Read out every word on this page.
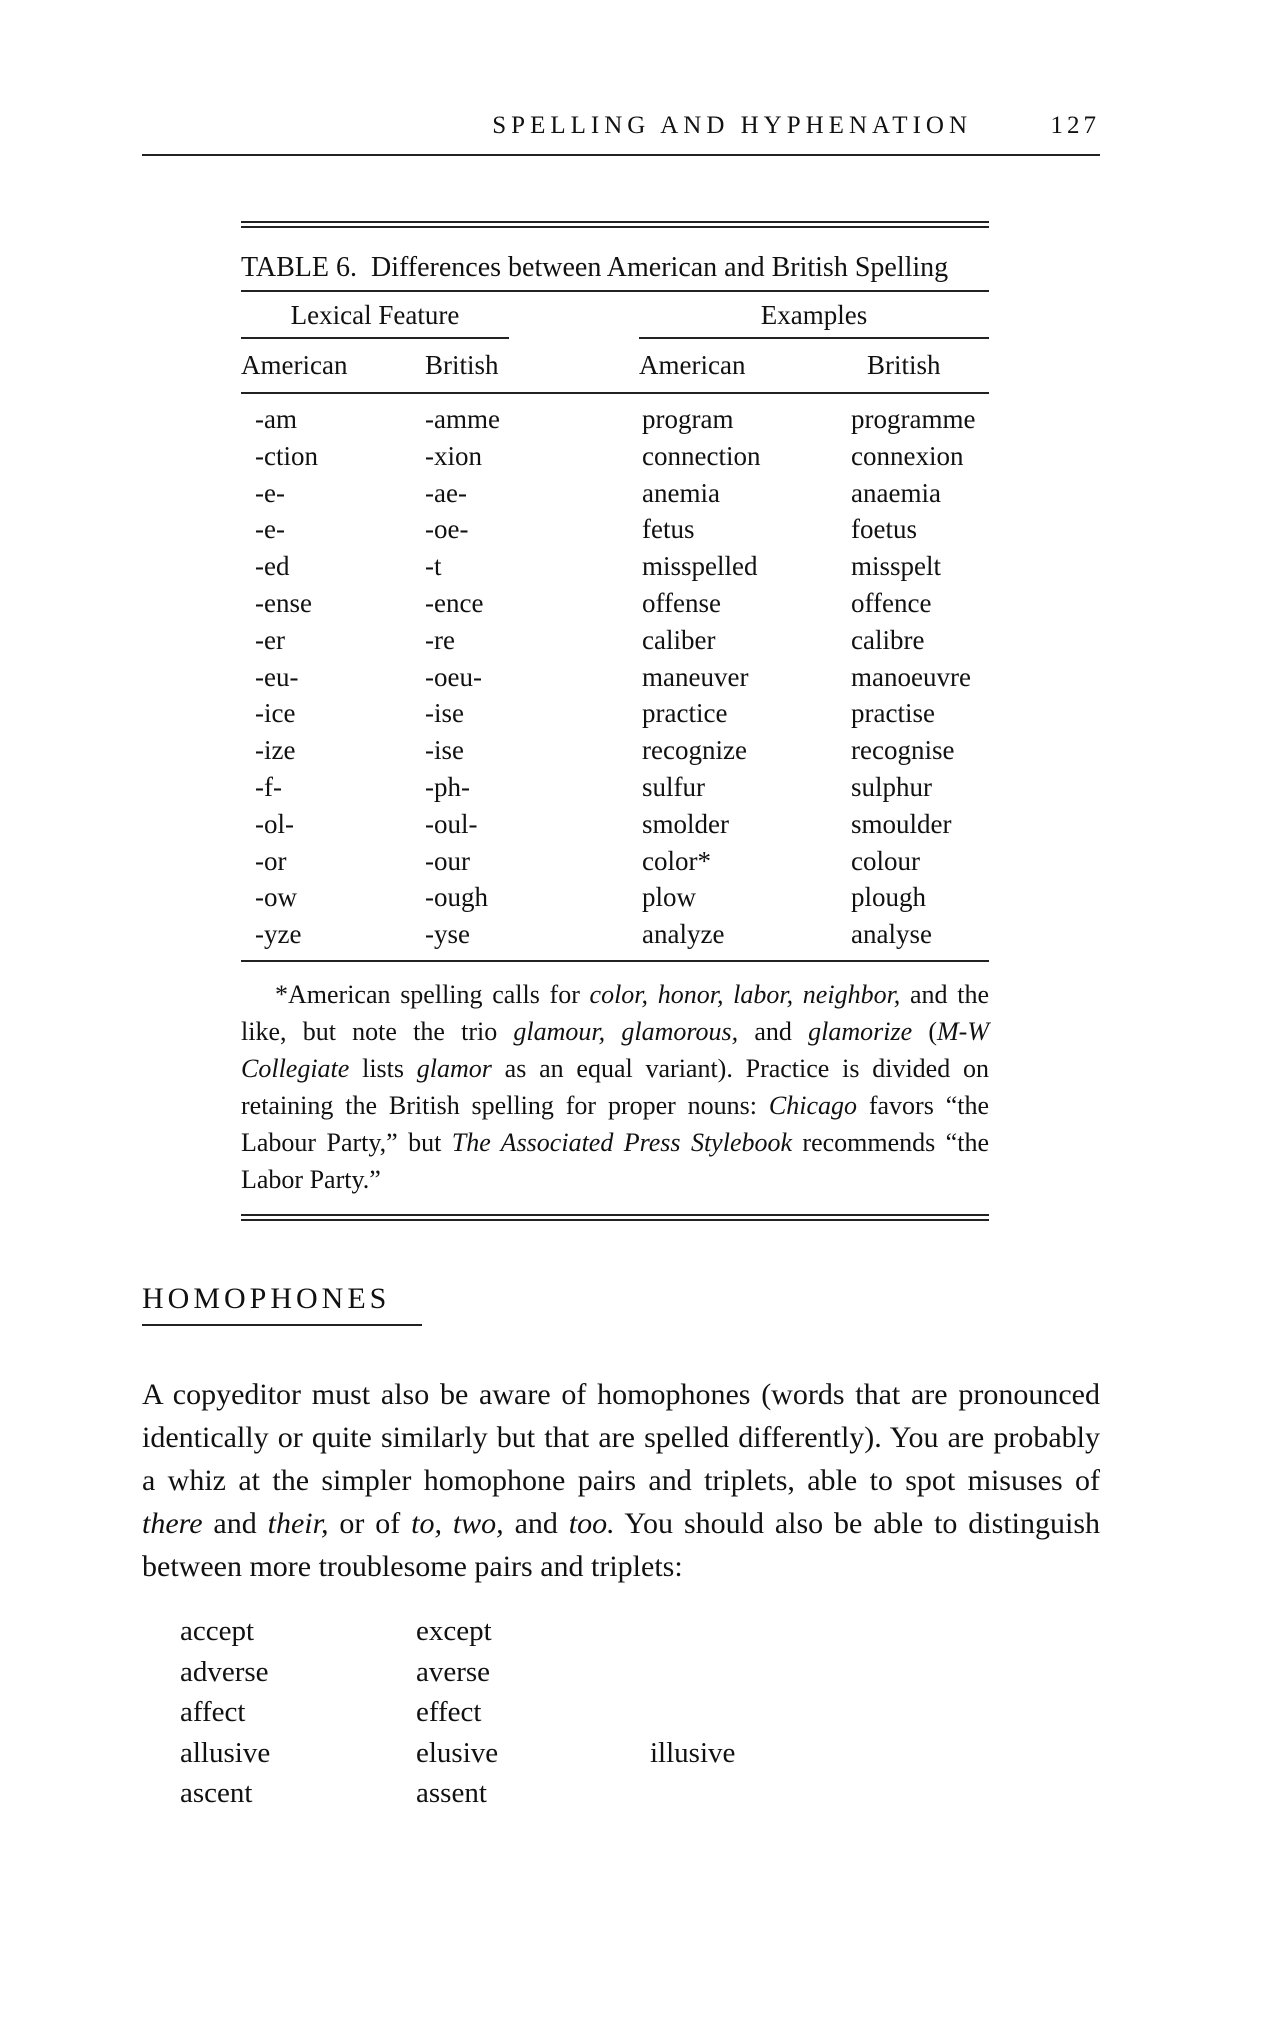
SPELLING AND HYPHENATION	127
TABLE 6. Differences between American and British Spelling
Lexical Feature	Examples
American	British	American	British
-am	-amme	program	programme
-ction	-xion	connection	connexion
-e-	-ae-	anemia	anaemia
-e-	-oe-	fetus	foetus
-ed	-t	misspelled	misspelt
-ense	-ence	offense	offence
-er	-re	caliber	calibre
-eu-	-oeu-	maneuver	manoeuvre
-ice	-ise	practice	practise
-ize	-ise	recognize	recognise
-f-	-ph-	sulfur	sulphur
-ol-	-oul-	smolder	smoulder
-or	-our	color*	colour
-ow	-ough	plow	plough
-yze	-yse	analyze	analyse
*American spelling calls for color, honor, labor, neighbor, and the like, but note the trio glamour, glamorous, and glamorize (M-W Collegiate lists glamor as an equal variant). Practice is divided on retaining the British spelling for proper nouns: Chicago favors “the Labour Party,” but The Associated Press Stylebook recommends “the Labor Party.”
HOMOPHONES

A copyeditor must also be aware of homophones (words that are pronounced identically or quite similarly but that are spelled differently). You are probably a whiz at the simpler homophone pairs and triplets, able to spot misuses of there and their, or of to, two, and too. You should also be able to distinguish between more troublesome pairs and triplets:

accept	except
adverse	averse
affect	effect
allusive	elusive	illusive
ascent	assent
